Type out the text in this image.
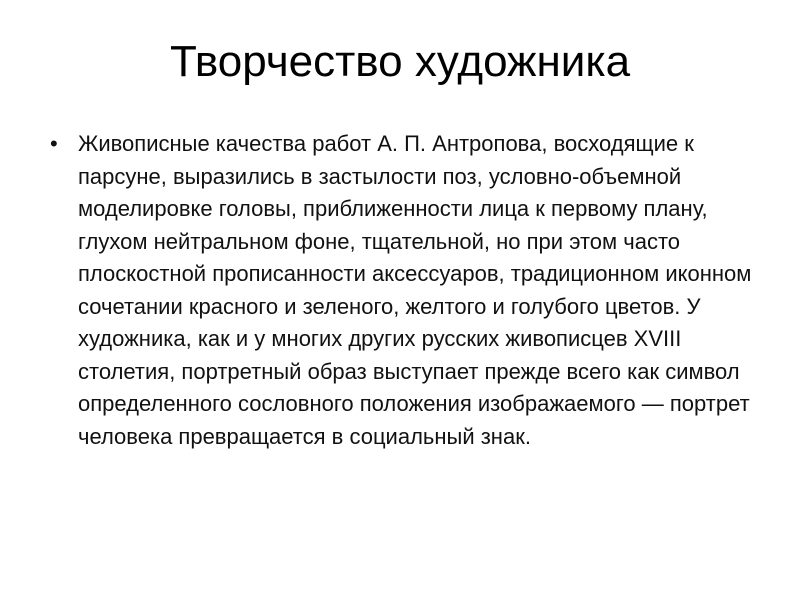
Творчество художника
• Живописные качества работ А. П. Антропова, восходящие к парсуне, выразились в застылости поз, условно-объемной моделировке головы, приближенности лица к первому плану, глухом нейтральном фоне, тщательной, но при этом часто плоскостной прописанности аксессуаров, традиционном иконном сочетании красного и зеленого, желтого и голубого цветов. У художника, как и у многих других русских живописцев XVIII столетия, портретный образ выступает прежде всего как символ определенного сословного положения изображаемого — портрет человека превращается в социальный знак.
